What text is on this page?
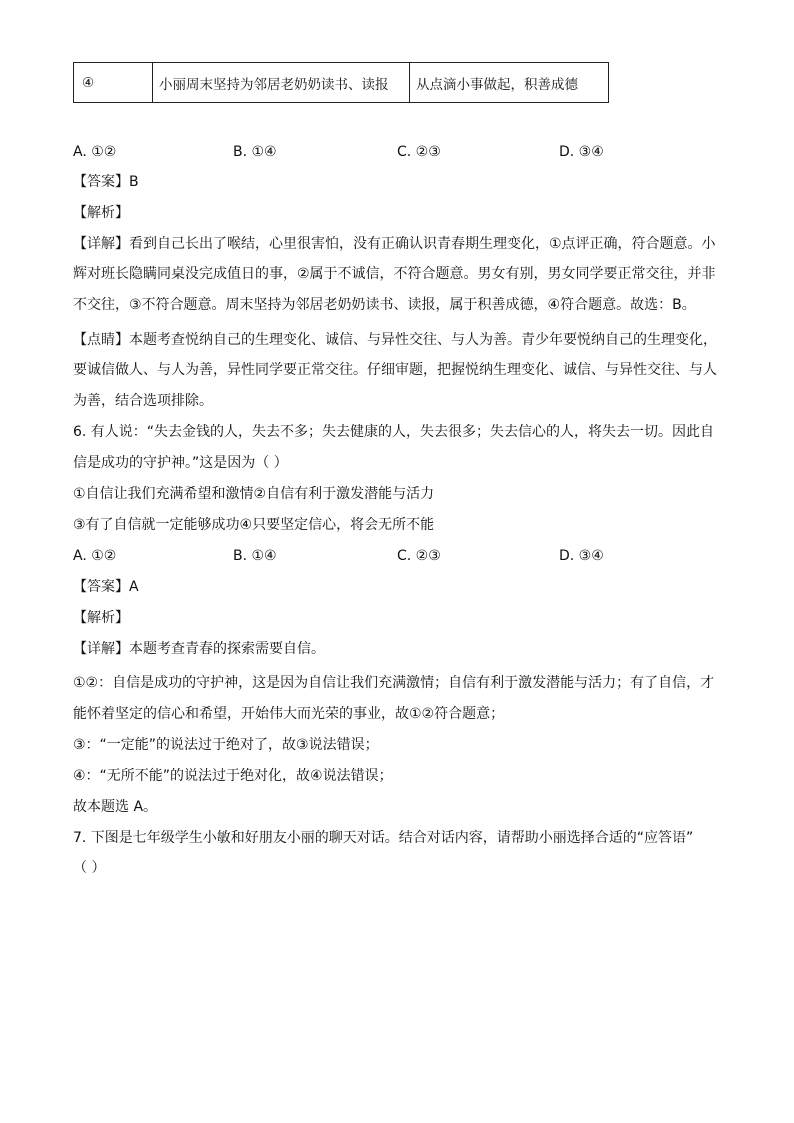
④	小丽周末坚持为邻居老奶奶读书、读报	从点滴小事做起，积善成德
A. ①②	B. ①④	C. ②③	D. ③④
【答案】B
【解析】
【详解】看到自己长出了喉结，心里很害怕，没有正确认识青春期生理变化，①点评正确，符合题意。小
辉对班长隐瞒同桌没完成值日的事，②属于不诚信，不符合题意。男女有别，男女同学要正常交往，并非
不交往，③不符合题意。周末坚持为邻居老奶奶读书、读报，属于积善成德，④符合题意。故选：B。
【点睛】本题考查悦纳自己的生理变化、诚信、与异性交往、与人为善。青少年要悦纳自己的生理变化，
要诚信做人、与人为善，异性同学要正常交往。仔细审题，把握悦纳生理变化、诚信、与异性交往、与人
为善，结合选项排除。
6. 有人说：“失去金钱的人，失去不多；失去健康的人，失去很多；失去信心的人，将失去一切。因此自
信是成功的守护神。”这是因为（ ）
①自信让我们充满希望和激情②自信有利于激发潜能与活力
③有了自信就一定能够成功④只要坚定信心，将会无所不能
A. ①②	B. ①④	C. ②③	D. ③④
【答案】A
【解析】
【详解】本题考查青春的探索需要自信。
①②：自信是成功的守护神，这是因为自信让我们充满激情；自信有利于激发潜能与活力；有了自信，才
能怀着坚定的信心和希望，开始伟大而光荣的事业，故①②符合题意；
③：“一定能”的说法过于绝对了，故③说法错误；
④：“无所不能”的说法过于绝对化，故④说法错误；
故本题选 A。
7. 下图是七年级学生小敏和好朋友小丽的聊天对话。结合对话内容，请帮助小丽选择合适的“应答语”
（ ）
